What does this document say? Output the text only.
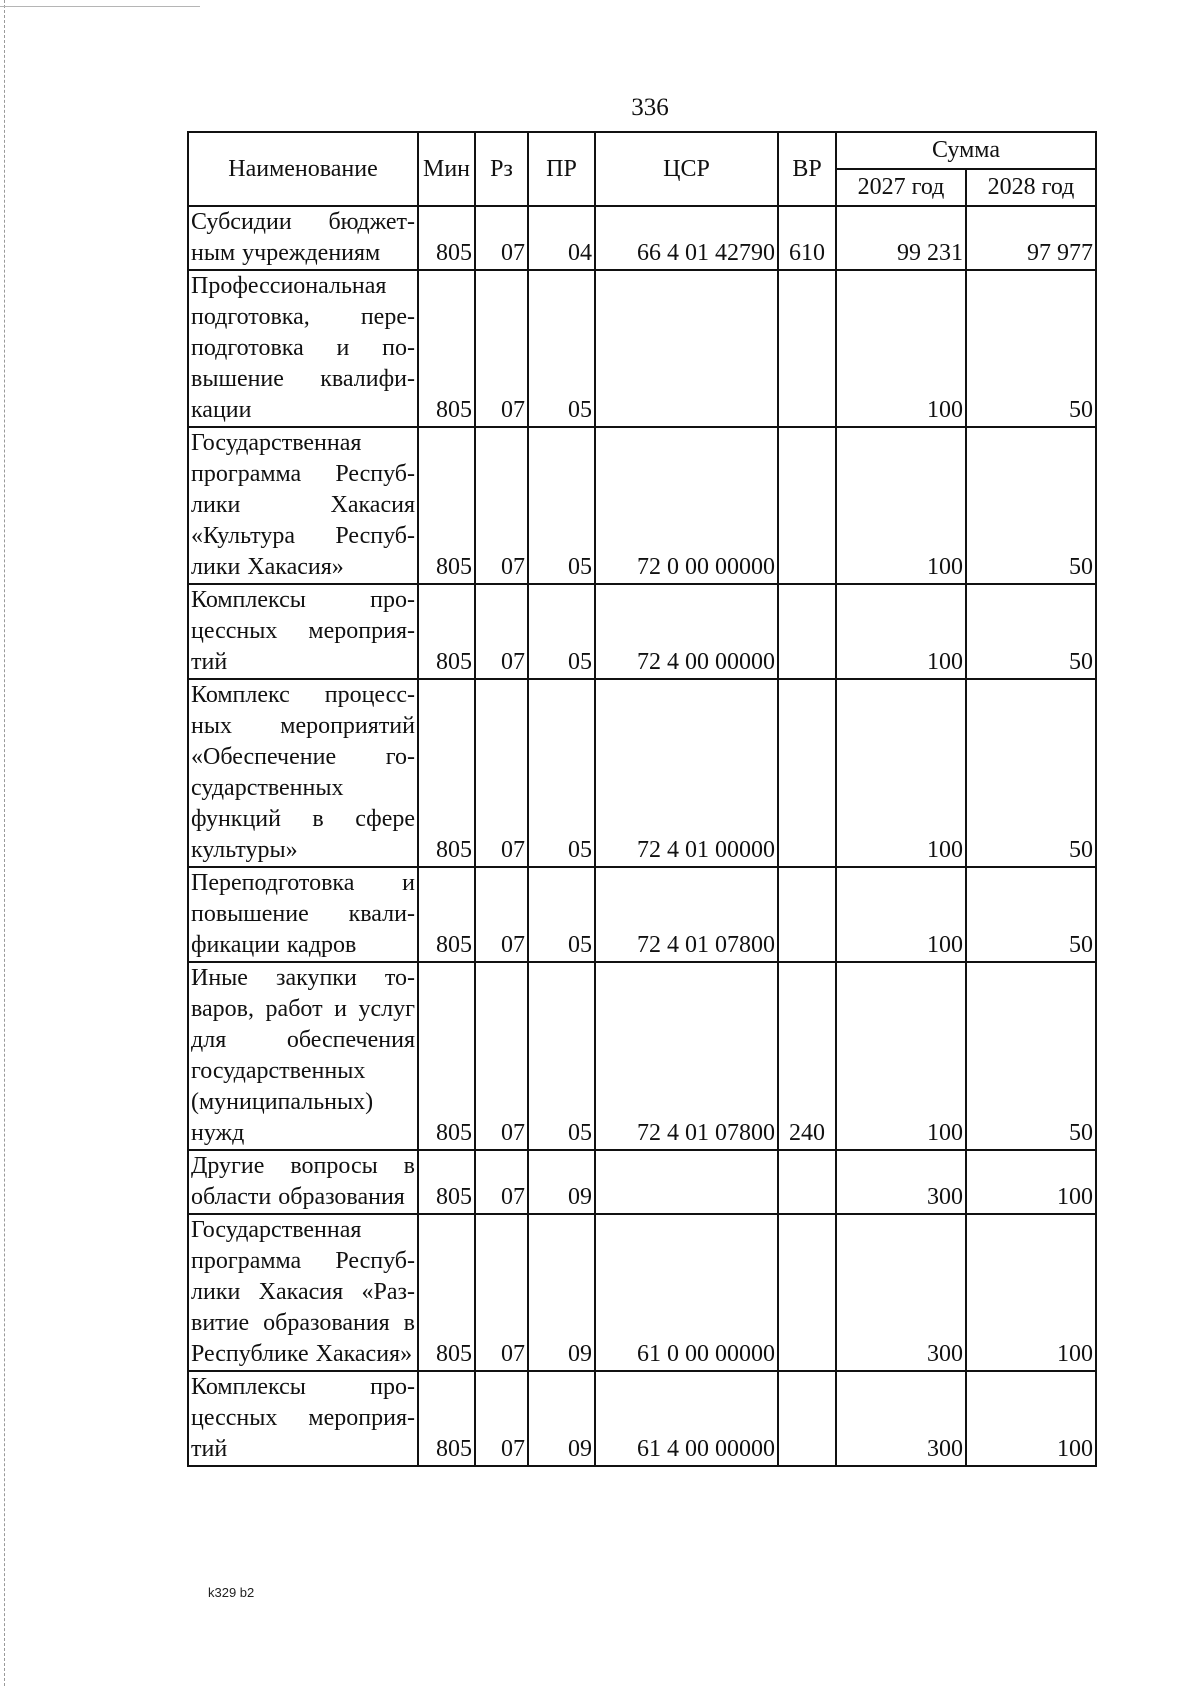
336
Наименование	Мин	Рз	ПР	ЦСР	ВР	Сумма	
						2027 год	2028 год
Субсидии бюджетным учреждениям	805	07	04	66 4 01 42790	610	99 231	97 977
Профессиональная подготовка, переподготовка и повышение квалификации	805	07	05			100	50
Государственная программа Республики Хакасия «Культура Республики Хакасия»	805	07	05	72 0 00 00000		100	50
Комплексы процессных мероприятий	805	07	05	72 4 00 00000		100	50
Комплекс процессных мероприятий «Обеспечение государственных функций в сфере культуры»	805	07	05	72 4 01 00000		100	50
Переподготовка и повышение квалификации кадров	805	07	05	72 4 01 07800		100	50
Иные закупки товаров, работ и услуг для обеспечения государственных (муниципальных) нужд	805	07	05	72 4 01 07800	240	100	50
Другие вопросы в области образования	805	07	09			300	100
Государственная программа Республики Хакасия «Развитие образования в Республике Хакасия»	805	07	09	61 0 00 00000		300	100
Комплексы процессных мероприятий	805	07	09	61 4 00 00000		300	100
k329 b2
